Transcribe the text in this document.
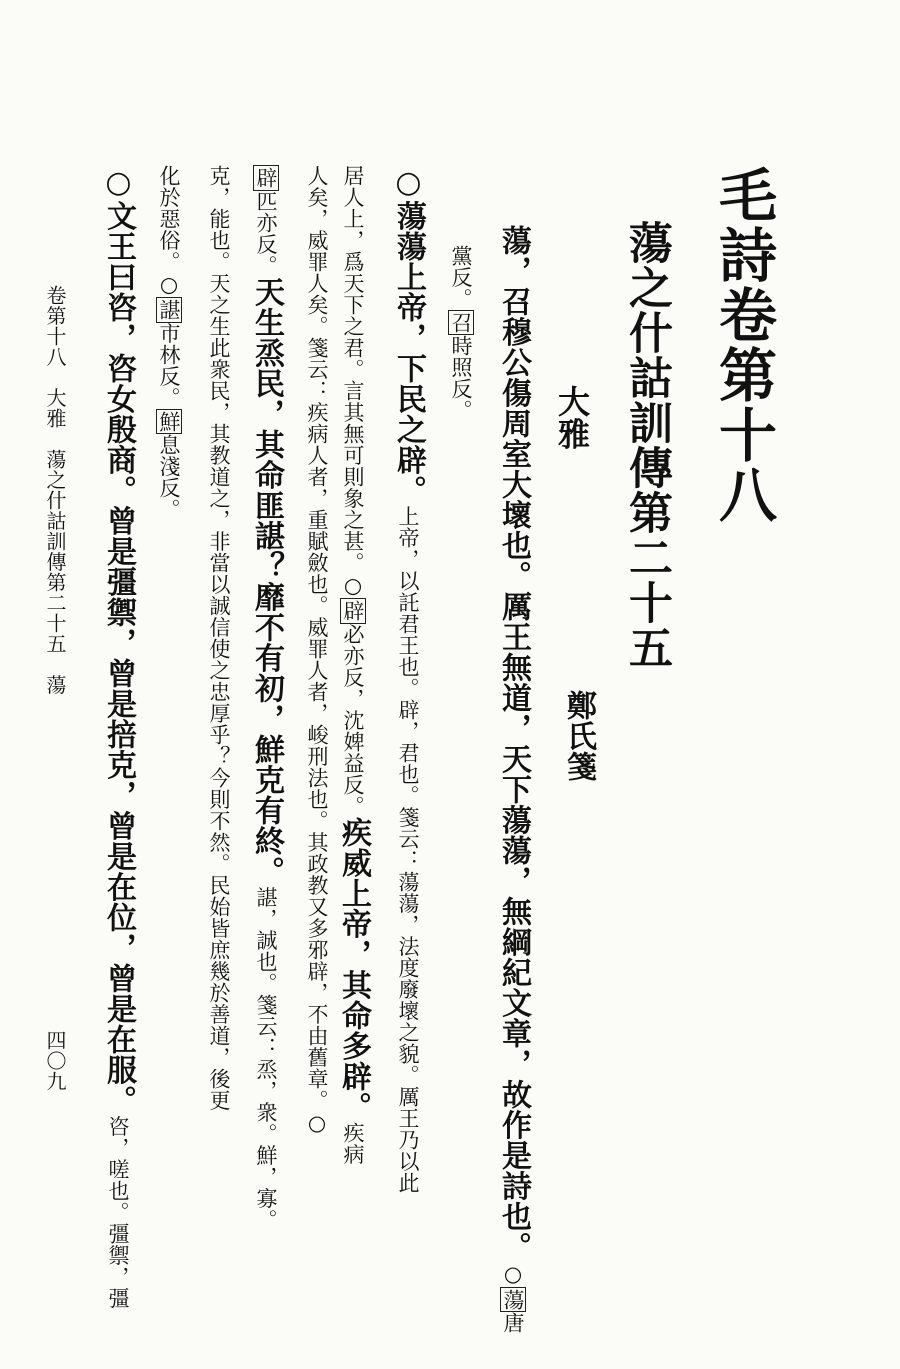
毛詩卷第十八
蕩之什詁訓傳第二十五
大雅
鄭氏箋
蕩，召穆公傷周室大壞也。厲王無道，天下蕩蕩，無綱紀文章，故作是詩也。○蕩唐
黨反。召時照反。
○蕩蕩上帝，下民之辟。上帝，以託君王也。辟，君也。箋云：蕩蕩，法度廢壞之貌。厲王乃以此
居人上，爲天下之君。言其無可則象之甚。○辟必亦反，沈婢益反。疾威上帝，其命多辟。疾病
人矣，威罪人矣。箋云：疾病人者，重賦斂也。威罪人者，峻刑法也。其政教又多邪辟，不由舊章。○
辟匹亦反。天生烝民，其命匪諶？靡不有初，鮮克有終。諶，誠也。箋云：烝，衆。鮮，寡。
克，能也。天之生此衆民，其教道之，非當以誠信使之忠厚乎？今則不然。民始皆庶幾於善道，後更
化於惡俗。○諶市林反。鮮息淺反。
○文王曰咨，咨女殷商。曾是彊禦，曾是掊克，曾是在位，曾是在服。咨，嗟也。彊禦，彊
卷第十八　大雅　蕩之什詁訓傳第二十五　蕩
四〇九
